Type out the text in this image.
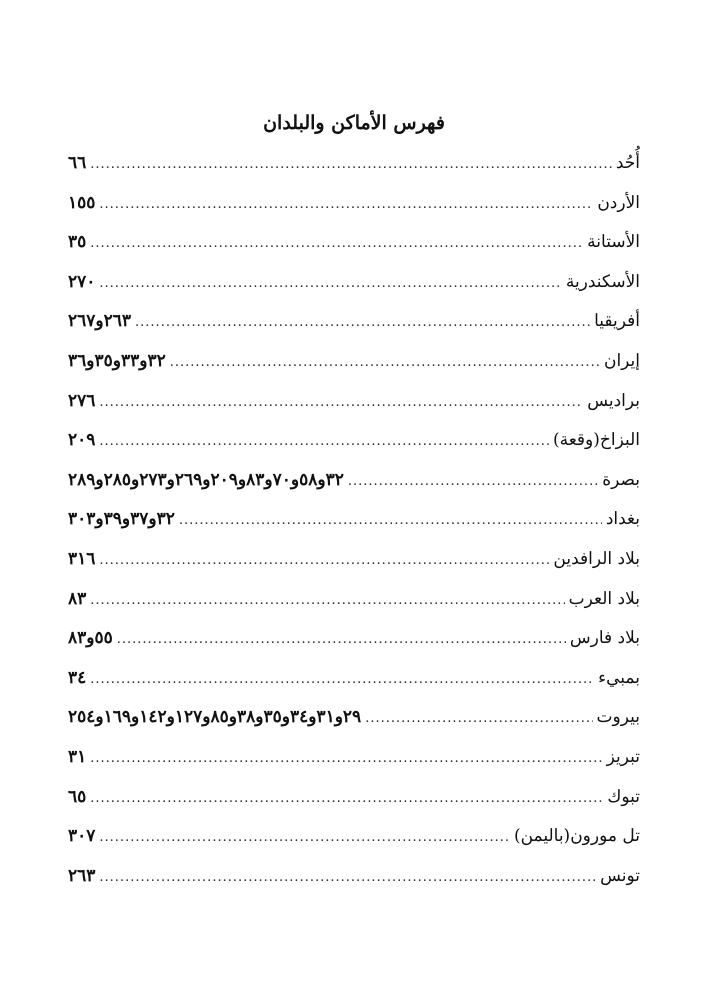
فهرس الأماكن والبلدان
أُحُد
.....
٦٦
الأردن
.....
١٥٥
الأستانة
.....
٣٥
الأسكندرية
.....
٢٧٠
أفريقيا
.....
٢٦٣و٢٦٧
إيران
.....
٣٢و٣٣و٣٥و٣٦
براديس
.....
٢٧٦
البزاخ(وقعة)
.....
٢٠٩
بصرة
.....
٣٢و٥٨و٧٠و٨٣و٢٠٩و٢٦٩و٢٧٣و٢٨٥و٢٨٩
بغداد
.....
٣٢و٣٧و٣٩و٣٠٣
بلاد الرافدين
.....
٣١٦
بلاد العرب
.....
٨٣
بلاد فارس
.....
٥٥و٨٣
بمبيء
.....
٣٤
بيروت
.....
٢٩و٣١و٣٤و٣٥و٣٨و٨٥و١٢٧و١٤٢و١٦٩و٢٥٤
تبريز
.....
٣١
تبوك
.....
٦٥
تل مورون(باليمن)
.....
٣٠٧
تونس
.....
٢٦٣
